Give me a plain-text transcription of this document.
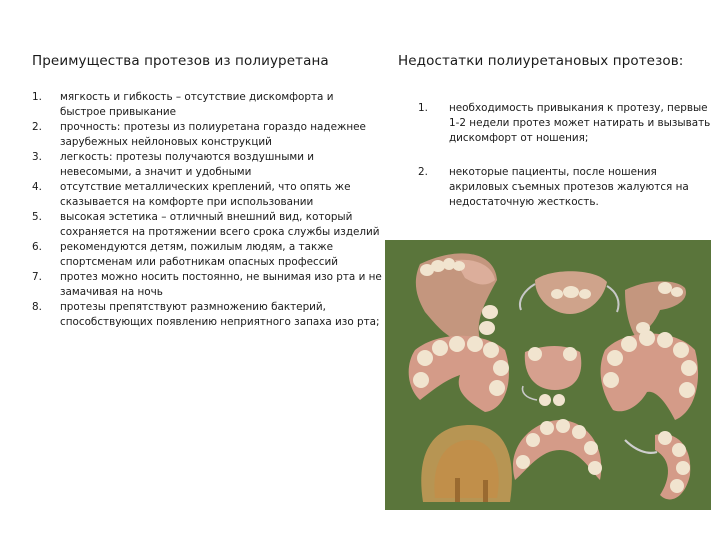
Преимущества протезов из полиуретана
1. мягкость и гибкость – отсутствие дискомфорта и быстрое привыкание
2. прочность: протезы из полиуретана гораздо надежнее зарубежных нейлоновых конструкций
3. легкость: протезы получаются воздушными и невесомыми, а значит и удобными
4. отсутствие металлических креплений, что опять же сказывается на комфорте при использовании
5. высокая эстетика – отличный внешний вид, который сохраняется на протяжении всего срока службы изделий
6. рекомендуются детям, пожилым людям, а также спортсменам или работникам опасных профессий
7. протез можно носить постоянно, не вынимая изо рта и не замачивая на ночь
8. протезы препятствуют размножению бактерий, способствующих появлению неприятного запаха изо рта;
Недостатки полиуретановых протезов:
1. необходимость привыкания к протезу, первые 1-2 недели протез может натирать и вызывать дискомфорт от ношения;
2. некоторые пациенты, после ношения акриловых съемных протезов жалуются на недостаточную жесткость.
